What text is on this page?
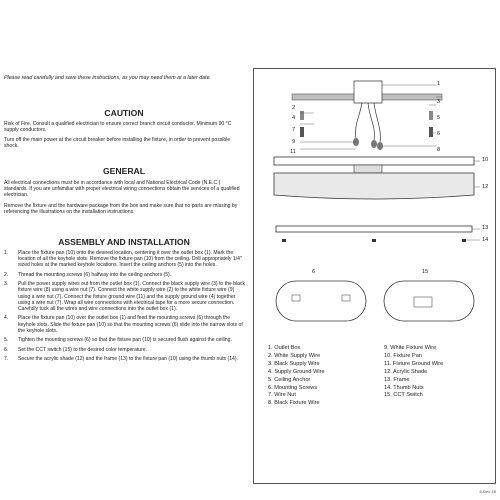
Please read carefully and save these instructions, as you may need them at a later date.
CAUTION

Risk of Fire. Consult a qualified electrician to ensure correct branch circuit conductor. Minimum 90 °C supply conductors.

Turn off the main power at the circuit breaker before installing the fixture, in order to prevent possible shock.

GENERAL

All electrical connections must be in accordance with local and National Electrical Code (N.E.C.) standards. If you are unfamiliar with proper electrical wiring connections obtain the services of a qualified electrician.

Remove the fixture and the hardware package from the box and make sure that no parts are missing by referencing the illustrations on the installation instructions.

ASSEMBLY AND INSTALLATION
1.	Place the fixture pan (10) onto the desired location, centering it over the outlet box (1). Mark the location of all the keyhole slots. Remove the fixture pan (10) from the ceiling. Drill appropriately 1/4" sized holes at the marked keyhole locations. Insert the ceiling anchors (5) into the holes.
2.	Thread the mounting screws (6) halfway into the ceiling anchors (5).
3.	Pull the power supply wires out from the outlet box (1). Connect the black supply wire (3) to the black fixture wire (8) using a wire nut (7). Connect the white supply wire (2) to the white fixture wire (9) using a wire nut (7). Connect the fixture ground wire (11) and the supply ground wire (4) together using a wire nut (7). Wrap all wire connections with electrical tape for a more secure connection. Carefully tuck all the wires and wire connections into the outlet box (1).
4.	Place the fixture pan (10) over the outlet box (1) and feed the mounting screws (6) through the keyhole slots. Slide the fixture pan (10) so that the mounting screws (6) slide into the narrow slots of the keyhole slots.
5.	Tighten the mounting screws (6) so that the fixture pan (10) is secured flush against the ceiling.
6.	Set the CCT switch (15) to the desired color temperature.
7.	Secure the acrylic shade (12) and the frame (13) to the fixture pan (10) using the thumb nuts (14).
1
2
3
4	5
6
7
8
9
10
11
12
13
14
6	15
1. Outlet Box
2. White Supply Wire
3. Black Supply Wire
4. Supply Ground Wire
5. Ceiling Anchor
6. Mounting Screws
7. Wire Nut
8. Black Fixture Wire
9. White Fixture Wire
10. Fixture Pan
11. Fixture Ground Wire
12. Acrylic Shade
13. Frame
14. Thumb Nuts
15. CCT Switch
6-Dec-18
